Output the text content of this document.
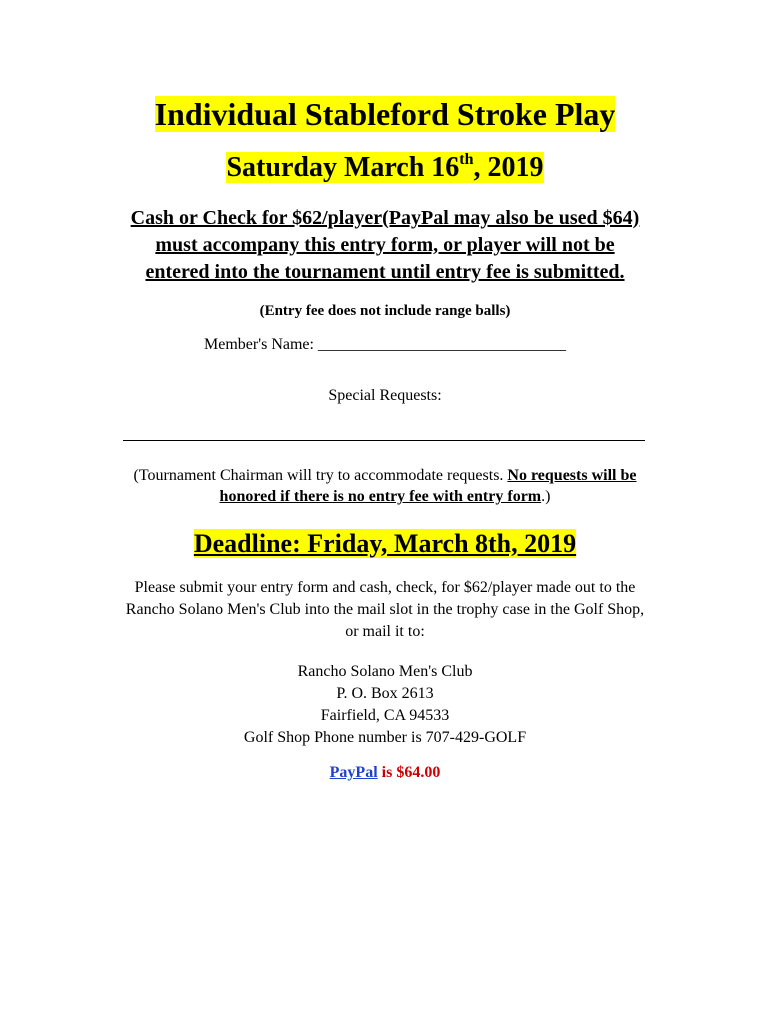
Individual Stableford Stroke Play
Saturday March 16th, 2019
Cash or Check for $62/player(PayPal may also be used $64)
must accompany this entry form, or player will not be
entered into the tournament until entry fee is submitted.
(Entry fee does not include range balls)
Member's Name: _______________________________
Special Requests:
(Tournament Chairman will try to accommodate requests. No requests will be
honored if there is no entry fee with entry form.)
Deadline: Friday, March 8th, 2019
Please submit your entry form and cash, check, for $62/player made out to the
Rancho Solano Men's Club into the mail slot in the trophy case in the Golf Shop,
or mail it to:
Rancho Solano Men's Club
P. O. Box 2613
Fairfield, CA 94533
Golf Shop Phone number is 707-429-GOLF
PayPal is $64.00
